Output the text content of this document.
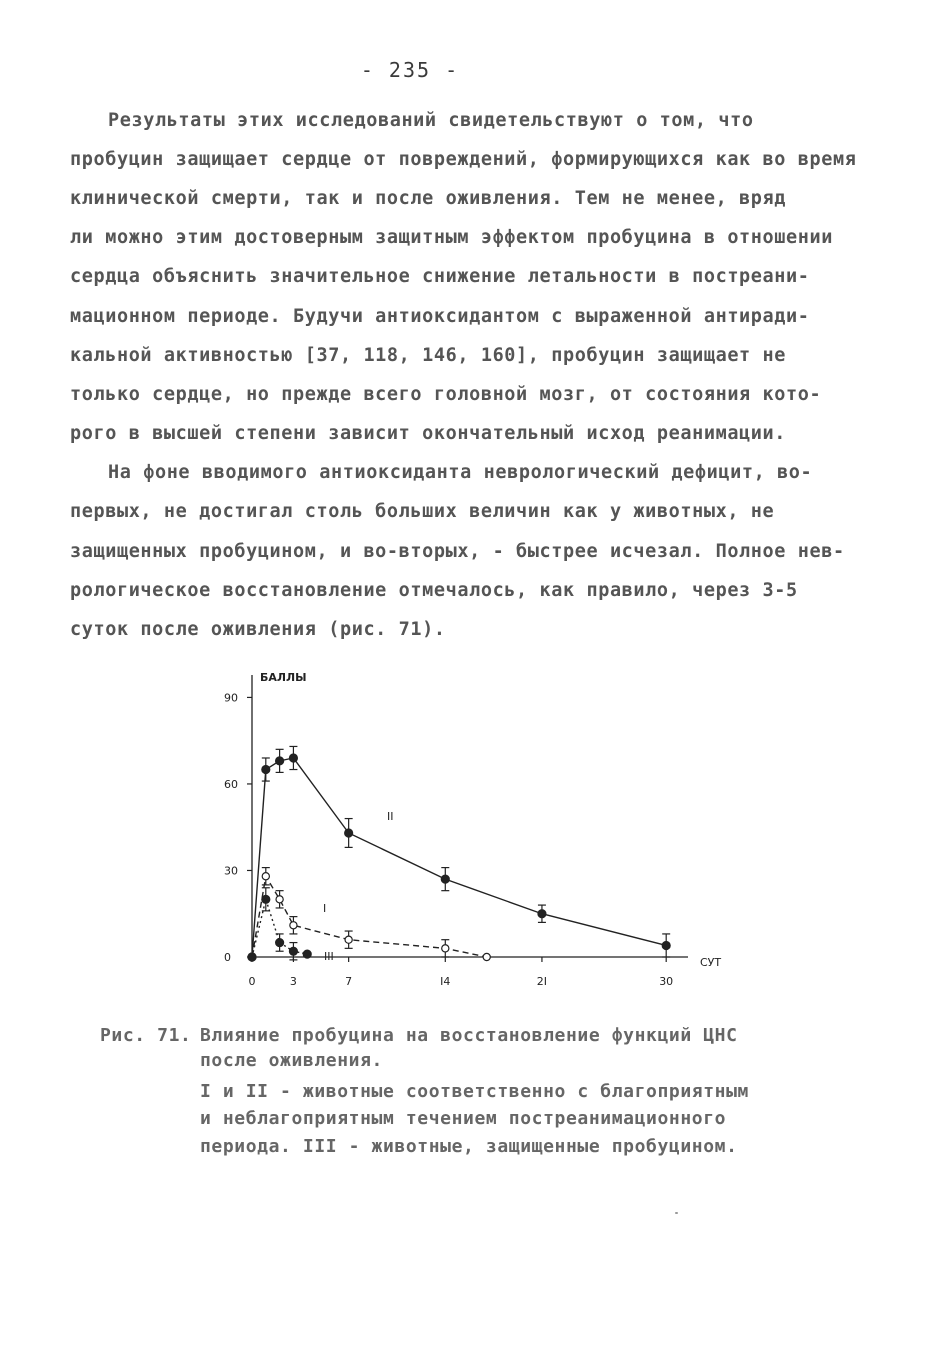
- 235 -
Результаты этих исследований свидетельствуют о том, что
пробуцин защищает сердце от повреждений, формирующихся как во время
клинической смерти, так и после оживления. Тем не менее, вряд
ли можно этим достоверным защитным эффектом пробуцина в отношении
сердца объяснить значительное снижение летальности в постреани-
мационном периоде. Будучи антиоксидантом с выраженной антиради-
кальной активностью [37, 118, 146, 160], пробуцин защищает не
только сердце, но прежде всего головной мозг, от состояния кото-
рого в высшей степени зависит окончательный исход реанимации.
На фоне вводимого антиоксиданта неврологический дефицит, во-
первых, не достигал столь больших величин как у животных, не
защищенных пробуцином, и во-вторых, - быстрее исчезал. Полное нев-
рологическое восстановление отмечалось, как правило, через 3-5
суток после оживления (рис. 71).
0
30
60
90
0	3	7	I4	2I	30
II
I
III
БАЛЛЫ
СУТ
Рис. 71. Влияние пробуцина на восстановление функций ЦНС
после оживления.
I и II - животные соответственно с благоприятным
и неблагоприятным течением постреанимационного
периода. III - животные, защищенные пробуцином.
